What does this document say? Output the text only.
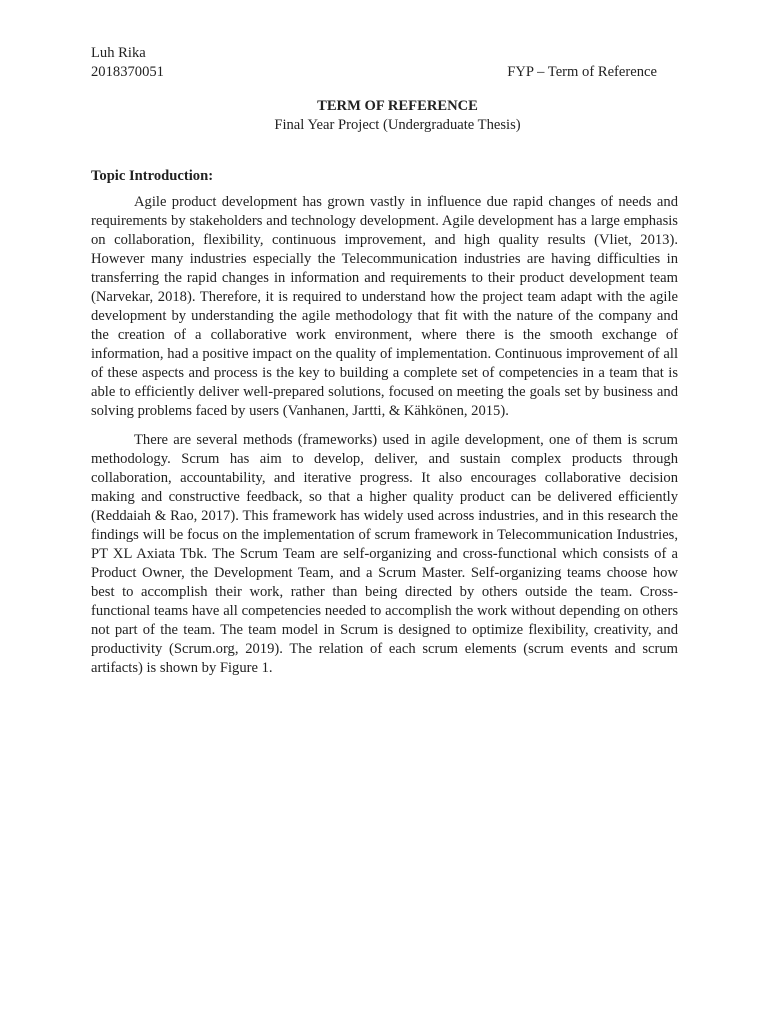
Luh Rika
2018370051	FYP – Term of Reference
TERM OF REFERENCE
Final Year Project (Undergraduate Thesis)
Topic Introduction:

Agile product development has grown vastly in influence due rapid changes of needs and requirements by stakeholders and technology development. Agile development has a large emphasis on collaboration, flexibility, continuous improvement, and high quality results (Vliet, 2013). However many industries especially the Telecommunication industries are having difficulties in transferring the rapid changes in information and requirements to their product development team (Narvekar, 2018). Therefore, it is required to understand how the project team adapt with the agile development by understanding the agile methodology that fit with the nature of the company and the creation of a collaborative work environment, where there is the smooth exchange of information, had a positive impact on the quality of implementation. Continuous improvement of all of these aspects and process is the key to building a complete set of competencies in a team that is able to efficiently deliver well-prepared solutions, focused on meeting the goals set by business and solving problems faced by users (Vanhanen, Jartti, & Kähkönen, 2015).

There are several methods (frameworks) used in agile development, one of them is scrum methodology. Scrum has aim to develop, deliver, and sustain complex products through collaboration, accountability, and iterative progress. It also encourages collaborative decision making and constructive feedback, so that a higher quality product can be delivered efficiently (Reddaiah & Rao, 2017). This framework has widely used across industries, and in this research the findings will be focus on the implementation of scrum framework in Telecommunication Industries, PT XL Axiata Tbk. The Scrum Team are self-organizing and cross-functional which consists of a Product Owner, the Development Team, and a Scrum Master. Self-organizing teams choose how best to accomplish their work, rather than being directed by others outside the team. Cross-functional teams have all competencies needed to accomplish the work without depending on others not part of the team. The team model in Scrum is designed to optimize flexibility, creativity, and productivity (Scrum.org, 2019). The relation of each scrum elements (scrum events and scrum artifacts) is shown by Figure 1.
